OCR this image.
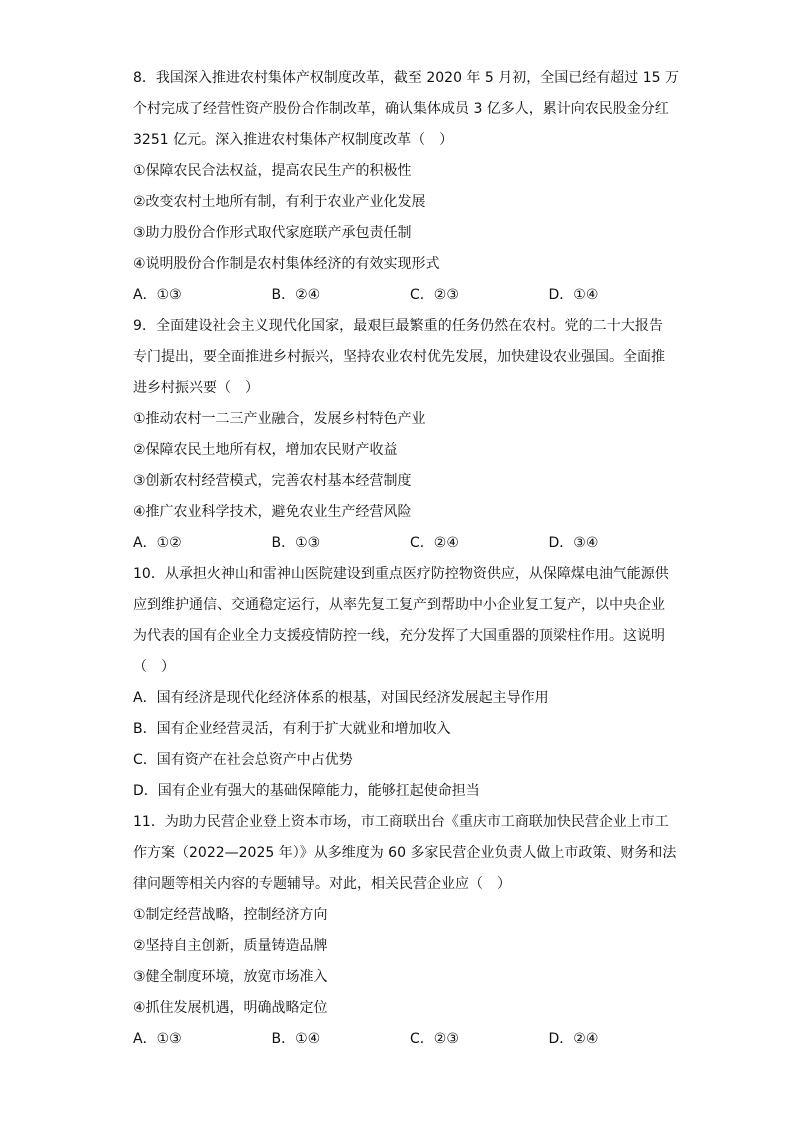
8．我国深入推进农村集体产权制度改革，截至 2020 年 5 月初，全国已经有超过 15 万
个村完成了经营性资产股份合作制改革，确认集体成员 3 亿多人，累计向农民股金分红
3251 亿元。深入推进农村集体产权制度改革（　）
①保障农民合法权益，提高农民生产的积极性
②改变农村土地所有制，有利于农业产业化发展
③助力股份合作形式取代家庭联产承包责任制
④说明股份合作制是农村集体经济的有效实现形式
A．①③	B．②④	C．②③	D．①④
9．全面建设社会主义现代化国家，最艰巨最繁重的任务仍然在农村。党的二十大报告
专门提出，要全面推进乡村振兴，坚持农业农村优先发展，加快建设农业强国。全面推
进乡村振兴要（　）
①推动农村一二三产业融合，发展乡村特色产业
②保障农民土地所有权，增加农民财产收益
③创新农村经营模式，完善农村基本经营制度
④推广农业科学技术，避免农业生产经营风险
A．①②	B．①③	C．②④	D．③④
10．从承担火神山和雷神山医院建设到重点医疗防控物资供应，从保障煤电油气能源供
应到维护通信、交通稳定运行，从率先复工复产到帮助中小企业复工复产，以中央企业
为代表的国有企业全力支援疫情防控一线，充分发挥了大国重器的顶梁柱作用。这说明
（　）
A．国有经济是现代化经济体系的根基，对国民经济发展起主导作用
B．国有企业经营灵活，有利于扩大就业和增加收入
C．国有资产在社会总资产中占优势
D．国有企业有强大的基础保障能力，能够扛起使命担当
11．为助力民营企业登上资本市场，市工商联出台《重庆市工商联加快民营企业上市工
作方案（2022—2025 年）》从多维度为 60 多家民营企业负责人做上市政策、财务和法
律问题等相关内容的专题辅导。对此，相关民营企业应（　）
①制定经营战略，控制经济方向
②坚持自主创新，质量铸造品牌
③健全制度环境，放宽市场准入
④抓住发展机遇，明确战略定位
A．①③	B．①④	C．②③	D．②④
